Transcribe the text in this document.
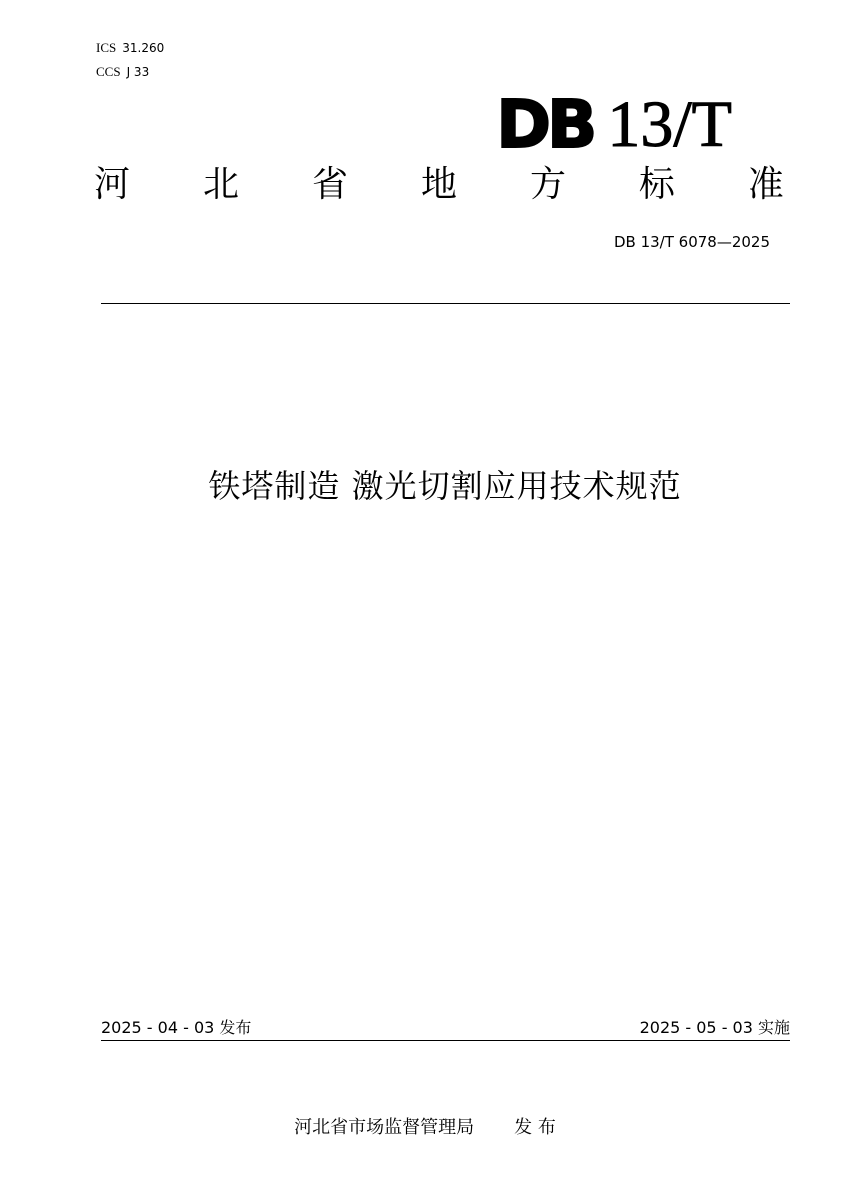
ICS 31.260
CCS J 33
DB 13/T
河 北 省 地 方 标 准
DB 13/T 6078—2025
铁塔制造 激光切割应用技术规范
2025 - 04 - 03 发布	2025 - 05 - 03 实施
河北省市场监督管理局 发 布
